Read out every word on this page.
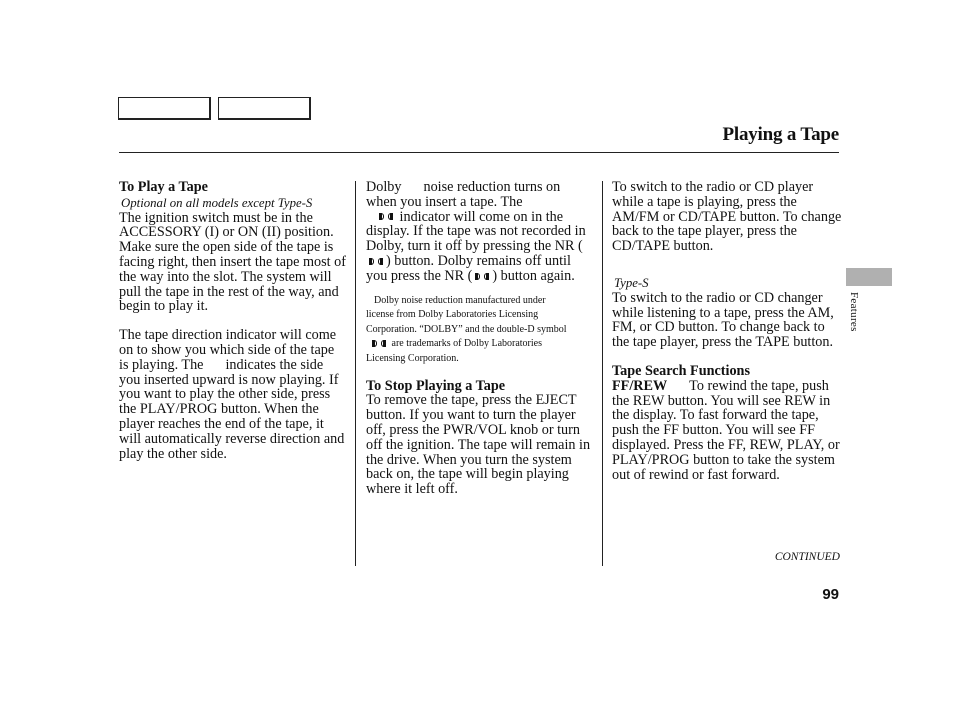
Playing a Tape

To Play a Tape

Optional on all models except Type-S

The ignition switch must be in the ACCESSORY (I) or ON (II) position. Make sure the open side of the tape is facing right, then insert the tape most of the way into the slot. The system will pull the tape in the rest of the way, and begin to play it.

The tape direction indicator will come on to show you which side of the tape is playing. The indicates the side you inserted upward is now playing. If you want to play the other side, press the PLAY/PROG button. When the player reaches the end of the tape, it will automatically reverse direction and play the other side.

Dolby noise reduction turns on when you insert a tape. The
indicator will come on in the display. If the tape was not recorded in Dolby, turn it off by pressing the NR () button. Dolby remains off until you press the NR ( ) button again.

Dolby noise reduction manufactured under
license from Dolby Laboratories Licensing
Corporation. “DOLBY” and the double-D symbol
are trademarks of Dolby Laboratories
Licensing Corporation.

To Stop Playing a Tape

To remove the tape, press the EJECT button. If you want to turn the player off, press the PWR/VOL knob or turn off the ignition. The tape will remain in the drive. When you turn the system back on, the tape will begin playing where it left off.

To switch to the radio or CD player while a tape is playing, press the AM/FM or CD/TAPE button. To change back to the tape player, press the CD/TAPE button.

Type-S

To switch to the radio or CD changer while listening to a tape, press the AM, FM, or CD button. To change back to the tape player, press the TAPE button.

Tape Search Functions

FF/REW To rewind the tape, push the REW button. You will see REW in the display. To fast forward the tape, push the FF button. You will see FF displayed. Press the FF, REW, PLAY, or PLAY/PROG button to take the system out of rewind or fast forward.

Features
CONTINUED
99
